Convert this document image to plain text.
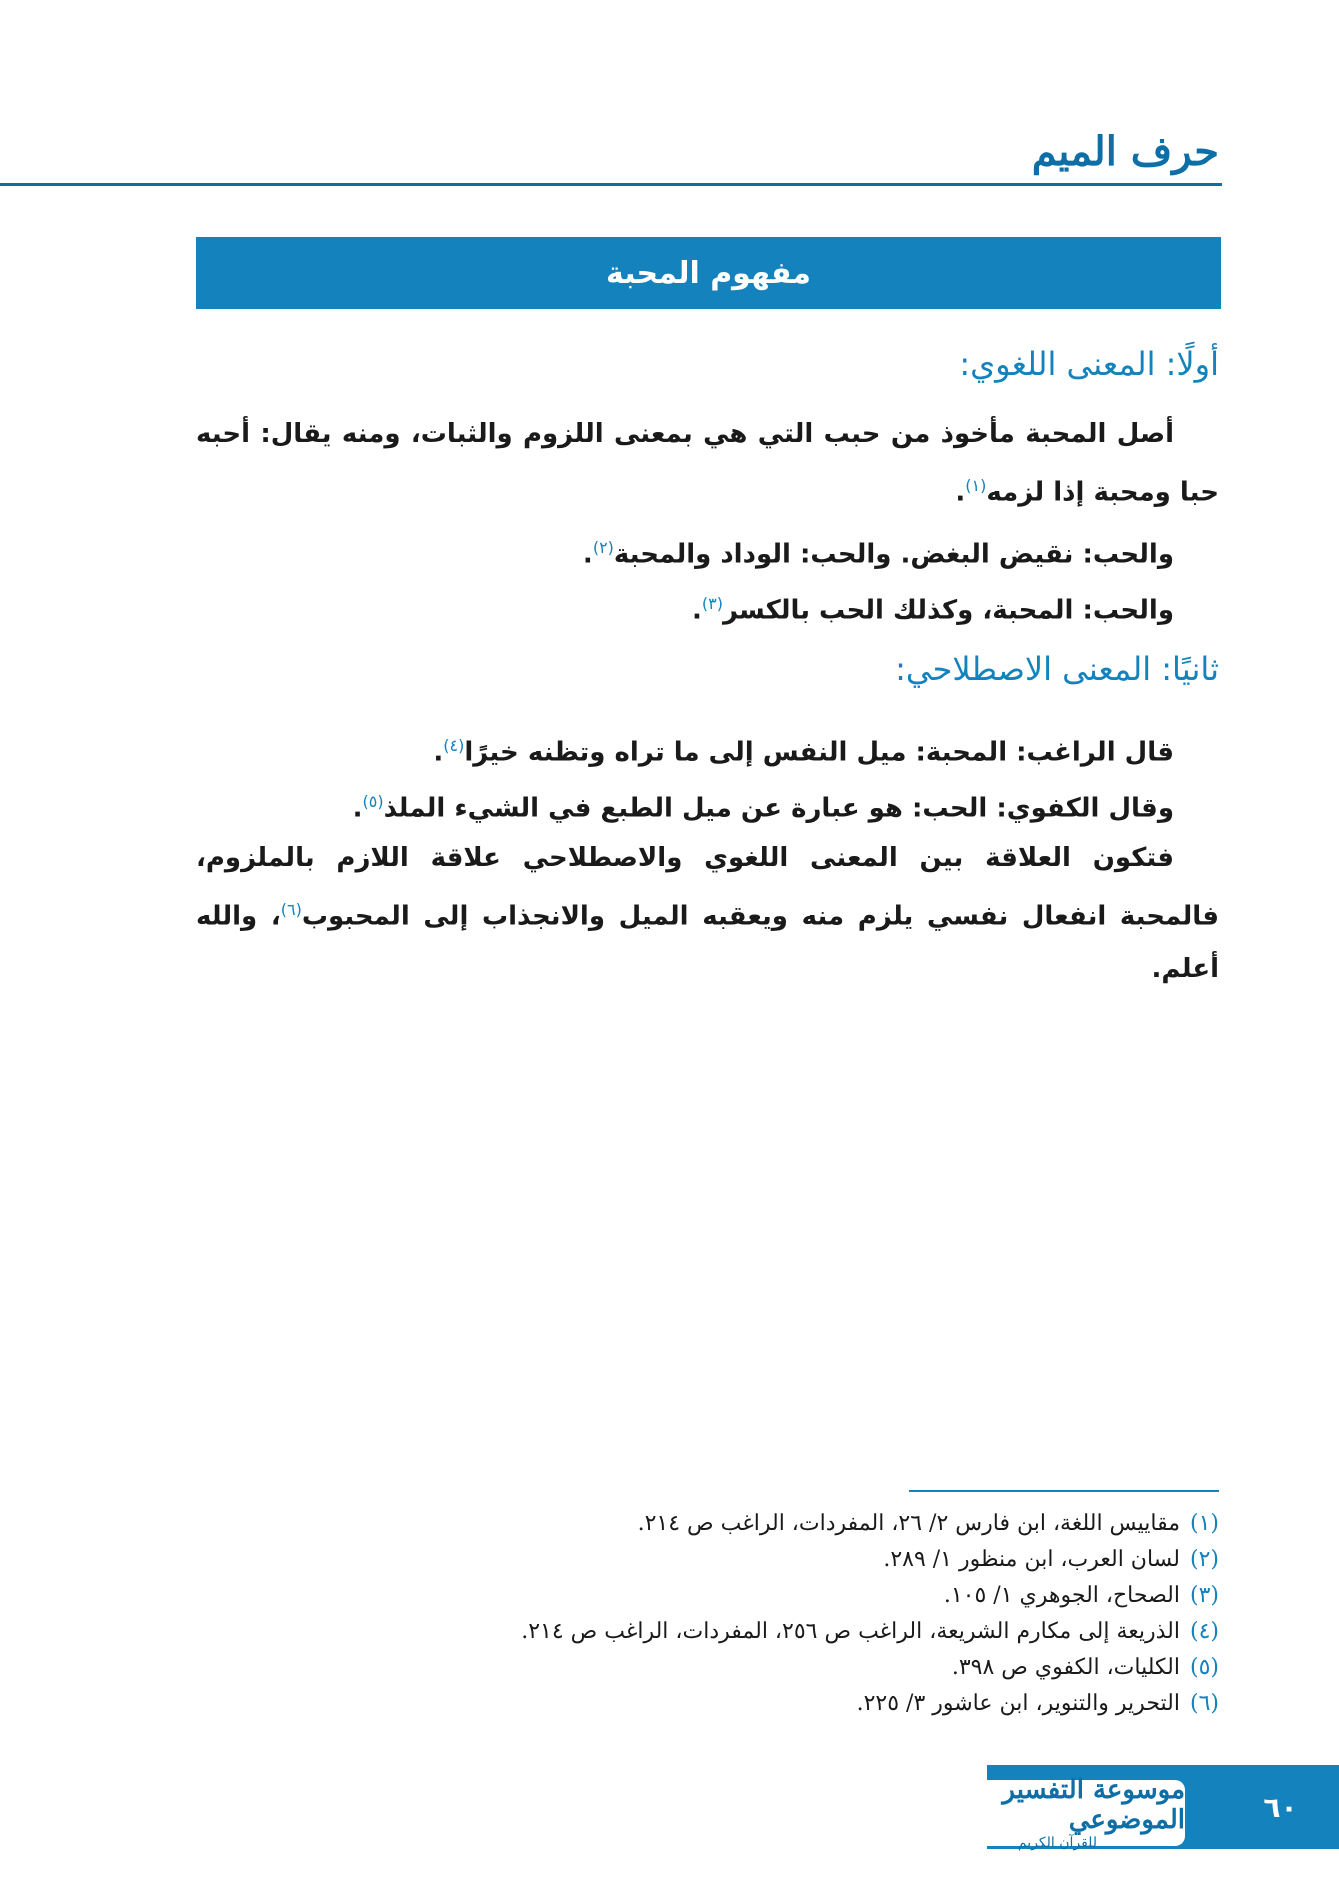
حرف الميم
مفهوم المحبة
أولًا: المعنى اللغوي:
أصل المحبة مأخوذ من حبب التي هي بمعنى اللزوم والثبات، ومنه يقال: أحبه حبا ومحبة إذا لزمه$^{(١)}$.
والحب: نقيض البغض. والحب: الوداد والمحبة$^{(٢)}$.
والحب: المحبة، وكذلك الحب بالكسر$^{(٣)}$.
ثانيًا: المعنى الاصطلاحي:
قال الراغب: المحبة: ميل النفس إلى ما تراه وتظنه خيرًا$^{(٤)}$.
وقال الكفوي: الحب: هو عبارة عن ميل الطبع في الشيء الملذ$^{(٥)}$.
فتكون العلاقة بين المعنى اللغوي والاصطلاحي علاقة اللازم بالملزوم، فالمحبة انفعال نفسي يلزم منه ويعقبه الميل والانجذاب إلى المحبوب$^{(٦)}$، والله أعلم.
(١)
مقاييس اللغة، ابن فارس ٢/ ٢٦، المفردات، الراغب ص ٢١٤.
(٢)
لسان العرب، ابن منظور ١/ ٢٨٩.
(٣)
الصحاح، الجوهري ١/ ١٠٥.
(٤)
الذريعة إلى مكارم الشريعة، الراغب ص ٢٥٦، المفردات، الراغب ص ٢١٤.
(٥)
الكليات، الكفوي ص ٣٩٨.
(٦)
التحرير والتنوير، ابن عاشور ٣/ ٢٢٥.
٦٠
موسوعة التفسير الموضوعي
للقرآن الكريم
